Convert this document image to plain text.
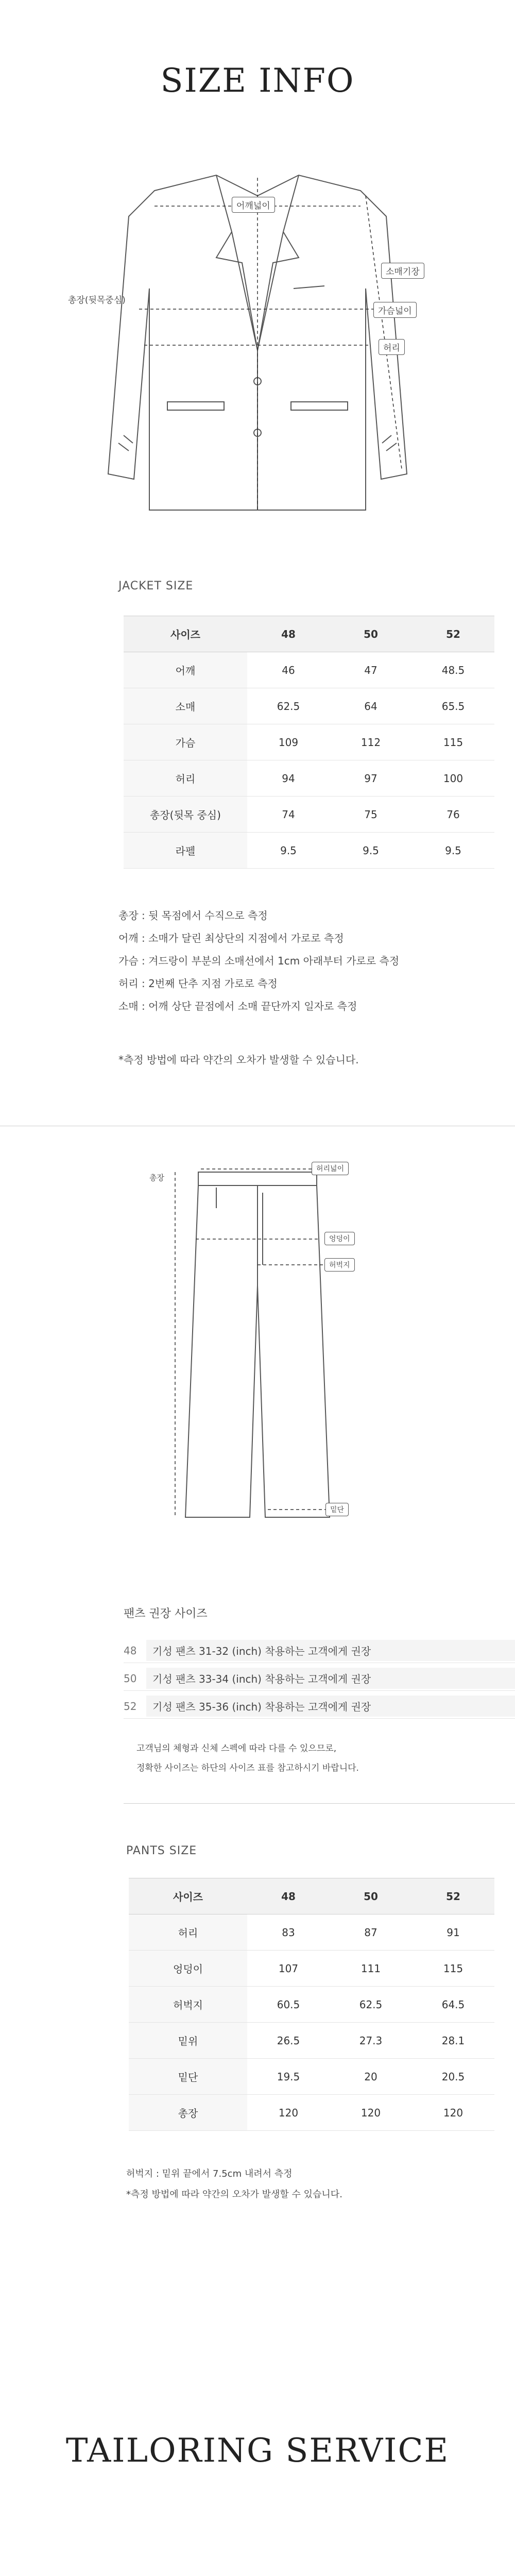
SIZE INFO
어깨넓이
소매기장
가슴넓이
허리
총장(뒷목중심)
JACKET SIZE
사이즈	48	50	52
어깨	46	47	48.5
소매	62.5	64	65.5
가슴	109	112	115
허리	94	97	100
총장(뒷목 중심)	74	75	76
라펠	9.5	9.5	9.5

총장 : 뒷 목점에서 수직으로 측정

어깨 : 소매가 달린 최상단의 지점에서 가로로 측정

가슴 : 겨드랑이 부분의 소매선에서 1cm 아래부터 가로로 측정

허리 : 2번째 단추 지점 가로로 측정

소매 : 어깨 상단 끝점에서 소매 끝단까지 일자로 측정

*측정 방법에 따라 약간의 오차가 발생할 수 있습니다.
허리넓이
엉덩이
허벅지
밑단
총장
팬츠 권장 사이즈
48	기성 팬츠 31-32 (inch) 착용하는 고객에게 권장
50	기성 팬츠 33-34 (inch) 착용하는 고객에게 권장
52	기성 팬츠 35-36 (inch) 착용하는 고객에게 권장

고객님의 체형과 신체 스펙에 따라 다를 수 있으므로,

정확한 사이즈는 하단의 사이즈 표를 참고하시기 바랍니다.

PANTS SIZE
사이즈	48	50	52
허리	83	87	91
엉덩이	107	111	115
허벅지	60.5	62.5	64.5
밑위	26.5	27.3	28.1
밑단	19.5	20	20.5
총장	120	120	120

허벅지 : 밑위 끝에서 7.5cm 내려서 측정

*측정 방법에 따라 약간의 오차가 발생할 수 있습니다.

TAILORING SERVICE
